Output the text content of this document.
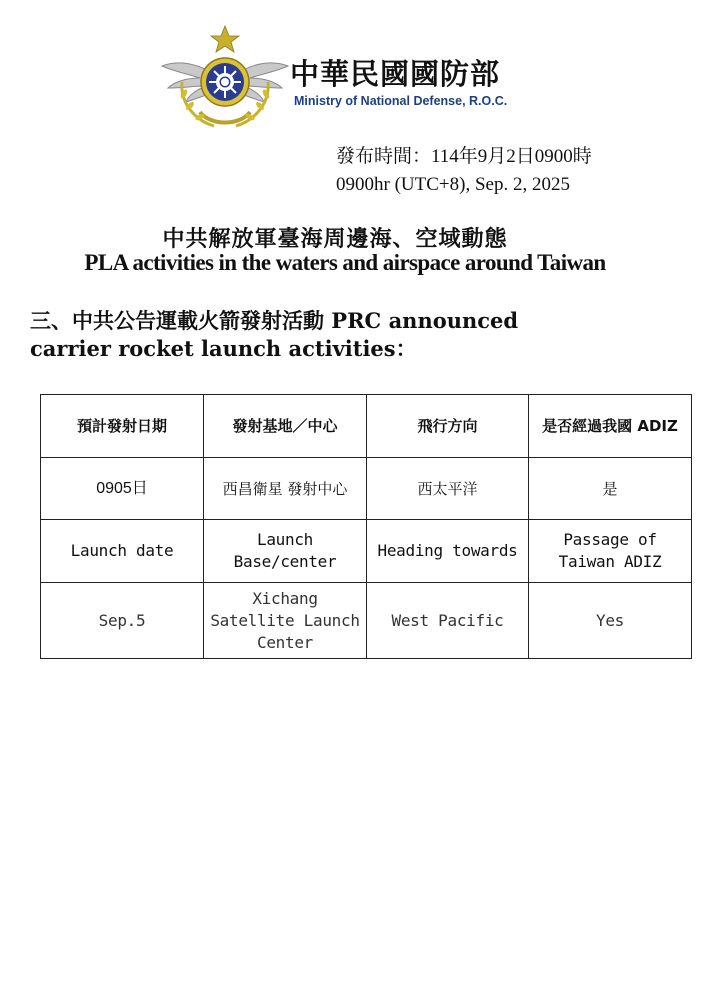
中華民國國防部
Ministry of National Defense, R.O.C.
發布時間：114年9月2日0900時
0900hr (UTC+8), Sep. 2, 2025
中共解放軍臺海周邊海、空域動態
PLA activities in the waters and airspace around Taiwan
三、中共公告運載火箭發射活動 PRC announced
carrier rocket launch activities：
預計發射日期	發射基地／中心	飛行方向	是否經過我國 ADIZ
0905日	西昌衛星 發射中心	西太平洋	是
Launch date	Launch Base/center	Heading towards	Passage of Taiwan ADIZ
Sep.5	Xichang Satellite Launch Center	West Pacific	Yes
